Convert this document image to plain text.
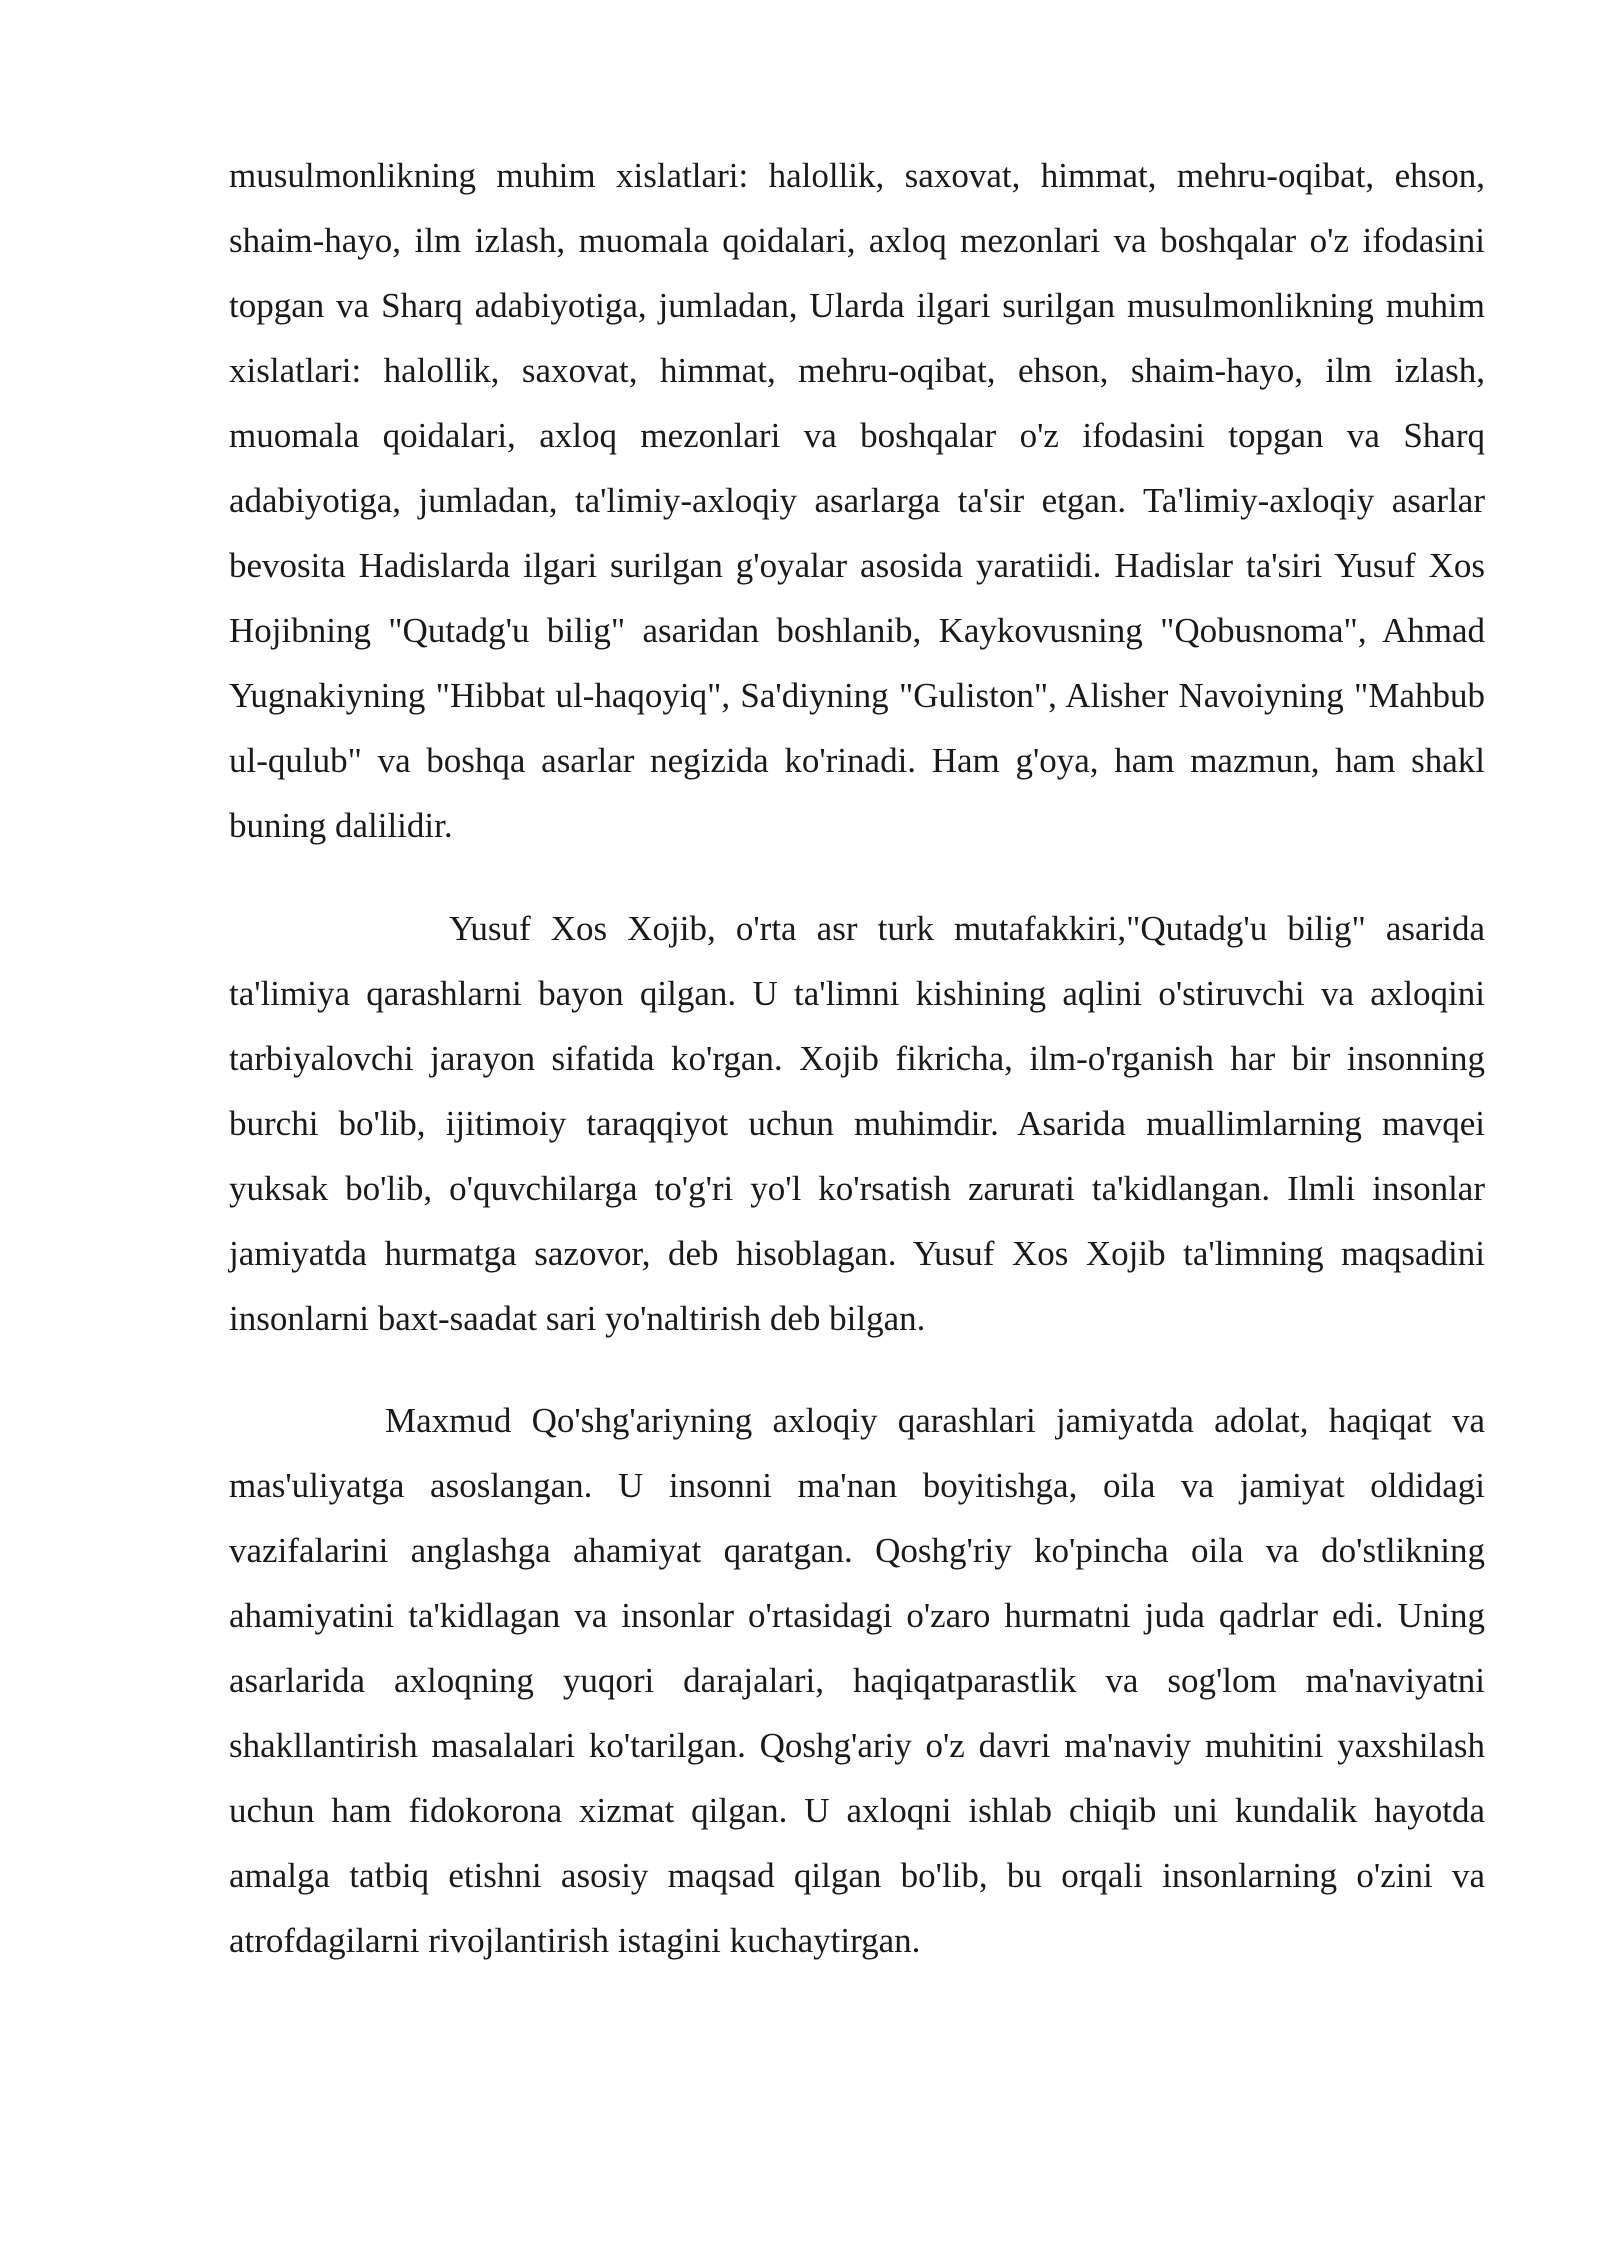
musulmonlikning muhim xislatlari: halollik, saxovat, himmat, mehru-oqibat, ehson, shaim-hayo, ilm izlash, muomala qoidalari, axloq mezonlari va boshqalar o'z ifodasini topgan va Sharq adabiyotiga, jumladan, Ularda ilgari surilgan musulmonlikning muhim xislatlari: halollik, saxovat, himmat, mehru-oqibat, ehson, shaim-hayo, ilm izlash, muomala qoidalari, axloq mezonlari va boshqalar o'z ifodasini topgan va Sharq adabiyotiga, jumladan, ta'limiy-axloqiy asarlarga ta'sir etgan. Ta'limiy-axloqiy asarlar bevosita Hadislarda ilgari surilgan g'oyalar asosida yaratiidi. Hadislar ta'siri Yusuf Xos Hojibning "Qutadg'u bilig" asaridan boshlanib, Kaykovusning "Qobusnoma", Ahmad Yugnakiyning "Hibbat ul-haqoyiq", Sa'diyning "Guliston", Alisher Navoiyning "Mahbub ul-qulub" va boshqa asarlar negizida ko'rinadi. Ham g'oya, ham mazmun, ham shakl buning dalilidir.

Yusuf Xos Xojib, o'rta asr turk mutafakkiri,"Qutadg'u bilig" asarida ta'limiya qarashlarni bayon qilgan. U ta'limni kishining aqlini o'stiruvchi va axloqini tarbiyalovchi jarayon sifatida ko'rgan. Xojib fikricha, ilm-o'rganish har bir insonning burchi bo'lib, ijitimoiy taraqqiyot uchun muhimdir. Asarida muallimlarning mavqei yuksak bo'lib, o'quvchilarga to'g'ri yo'l ko'rsatish zarurati ta'kidlangan. Ilmli insonlar jamiyatda hurmatga sazovor, deb hisoblagan. Yusuf Xos Xojib ta'limning maqsadini insonlarni baxt-saadat sari yo'naltirish deb bilgan.

Maxmud Qo'shg'ariyning axloqiy qarashlari jamiyatda adolat, haqiqat va mas'uliyatga asoslangan. U insonni ma'nan boyitishga, oila va jamiyat oldidagi vazifalarini anglashga ahamiyat qaratgan. Qoshg'riy ko'pincha oila va do'stlikning ahamiyatini ta'kidlagan va insonlar o'rtasidagi o'zaro hurmatni juda qadrlar edi. Uning asarlarida axloqning yuqori darajalari, haqiqatparastlik va sog'lom ma'naviyatni shakllantirish masalalari ko'tarilgan. Qoshg'ariy o'z davri ma'naviy muhitini yaxshilash uchun ham fidokorona xizmat qilgan. U axloqni ishlab chiqib uni kundalik hayotda amalga tatbiq etishni asosiy maqsad qilgan bo'lib, bu orqali insonlarning o'zini va atrofdagilarni rivojlantirish istagini kuchaytirgan.
